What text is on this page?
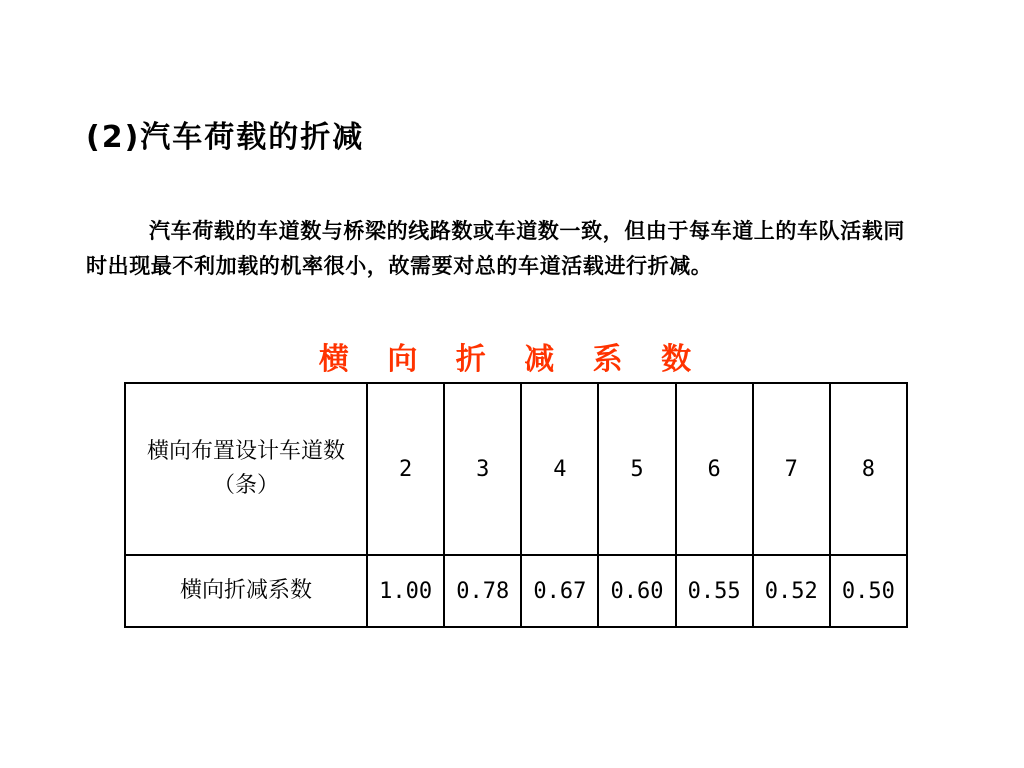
(2)汽车荷载的折减
汽车荷载的车道数与桥梁的线路数或车道数一致，但由于每车道上的车队活载同时出现最不利加载的机率很小，故需要对总的车道活载进行折减。
横 向 折 减 系 数
横向布置设计车道数（条）	2	3	4	5	6	7	8
横向折减系数	1.00	0.78	0.67	0.60	0.55	0.52	0.50
